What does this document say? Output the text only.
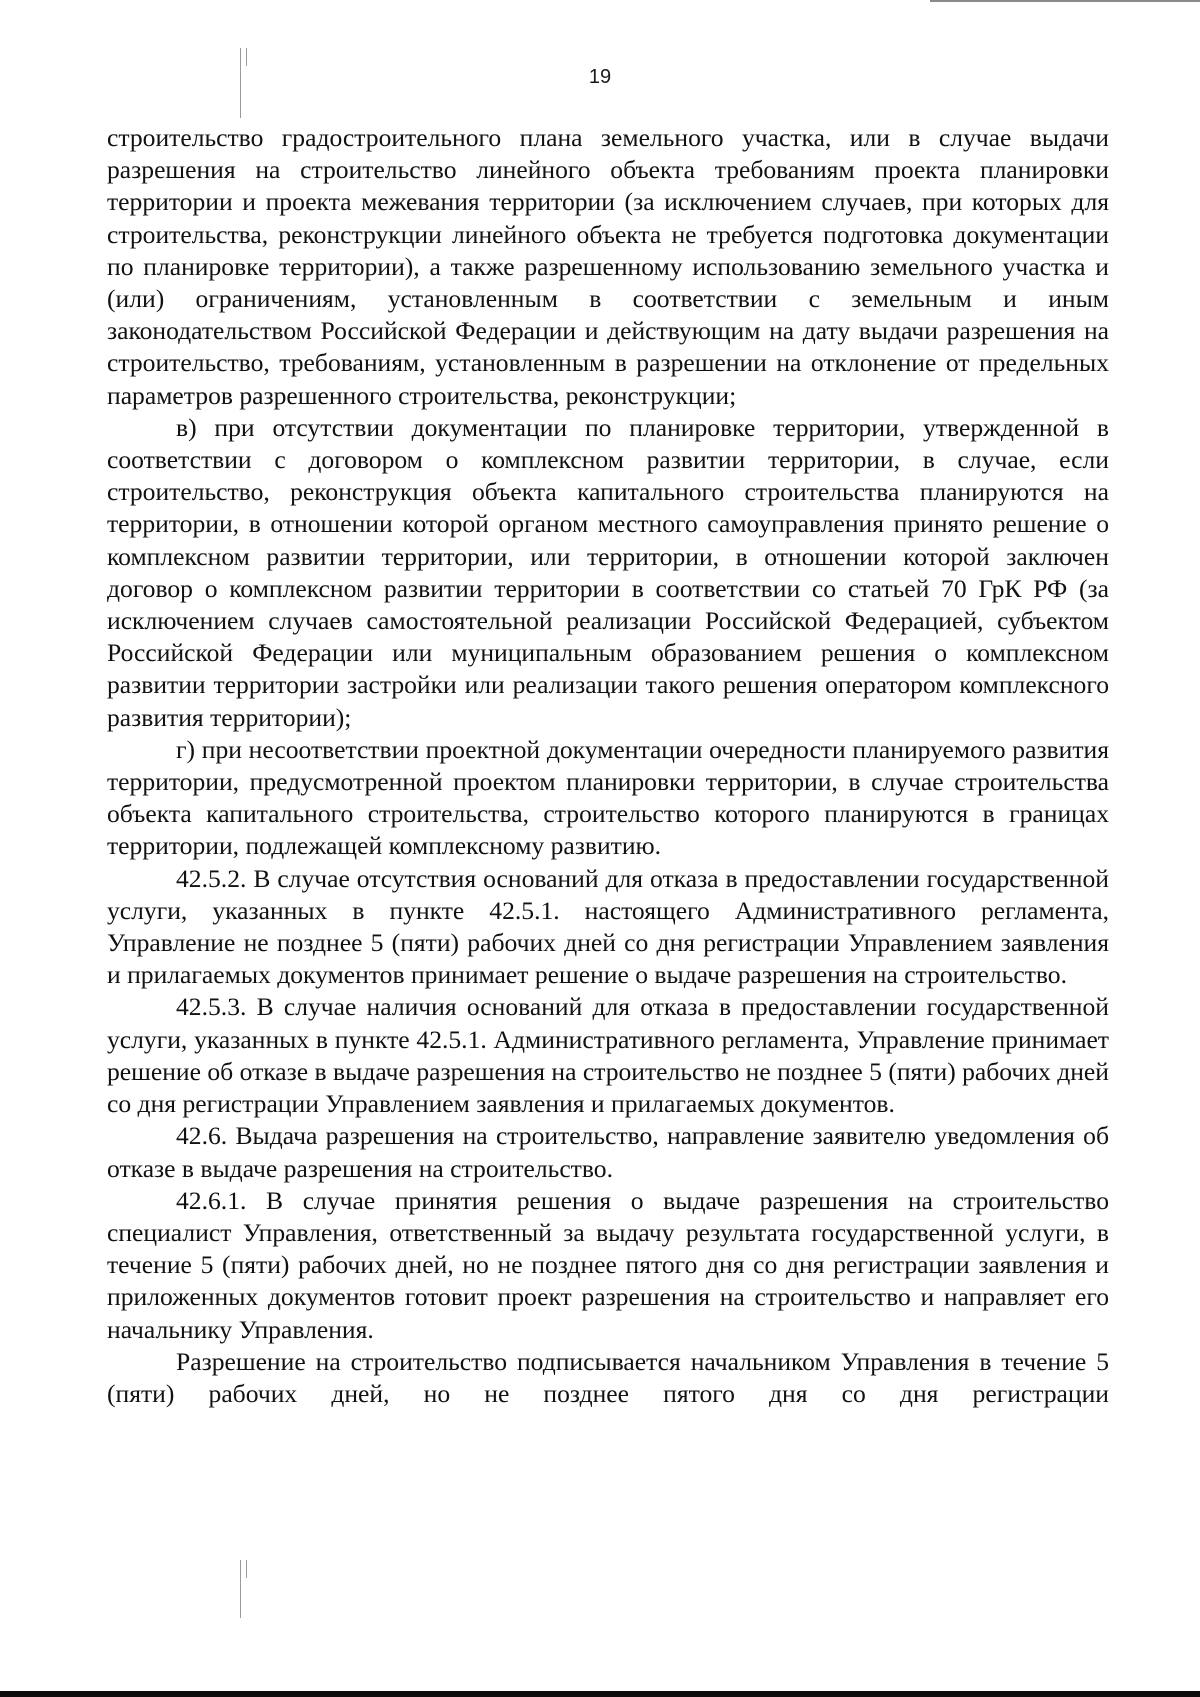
19

строительство градостроительного плана земельного участка, или в случае выдачи разрешения на строительство линейного объекта требованиям проекта планировки территории и проекта межевания территории (за исключением случаев, при которых для строительства, реконструкции линейного объекта не требуется подготовка документации по планировке территории), а также разрешенному использованию земельного участка и (или) ограничениям, установленным в соответствии с земельным и иным законодательством Российской Федерации и действующим на дату выдачи разрешения на строительство, требованиям, установленным в разрешении на отклонение от предельных параметров разрешенного строительства, реконструкции;

в) при отсутствии документации по планировке территории, утвержденной в соответствии с договором о комплексном развитии территории, в случае, если строительство, реконструкция объекта капитального строительства планируются на территории, в отношении которой органом местного самоуправления принято решение о комплексном развитии территории, или территории, в отношении которой заключен договор о комплексном развитии территории в соответствии со статьей 70 ГрК РФ (за исключением случаев самостоятельной реализации Российской Федерацией, субъектом Российской Федерации или муниципальным образованием решения о комплексном развитии территории застройки или реализации такого решения оператором комплексного развития территории);

г) при несоответствии проектной документации очередности планируемого развития территории, предусмотренной проектом планировки территории, в случае строительства объекта капитального строительства, строительство которого планируются в границах территории, подлежащей комплексному развитию.

42.5.2. В случае отсутствия оснований для отказа в предоставлении государственной услуги, указанных в пункте 42.5.1. настоящего Административного регламента, Управление не позднее 5 (пяти) рабочих дней со дня регистрации Управлением заявления и прилагаемых документов принимает решение о выдаче разрешения на строительство.

42.5.3. В случае наличия оснований для отказа в предоставлении государственной услуги, указанных в пункте 42.5.1. Административного регламента, Управление принимает решение об отказе в выдаче разрешения на строительство не позднее 5 (пяти) рабочих дней со дня регистрации Управлением заявления и прилагаемых документов.

42.6. Выдача разрешения на строительство, направление заявителю уведомления об отказе в выдаче разрешения на строительство.

42.6.1. В случае принятия решения о выдаче разрешения на строительство специалист Управления, ответственный за выдачу результата государственной услуги, в течение 5 (пяти) рабочих дней, но не позднее пятого дня со дня регистрации заявления и приложенных документов готовит проект разрешения на строительство и направляет его начальнику Управления.

Разрешение на строительство подписывается начальником Управления в течение 5 (пяти) рабочих дней, но не позднее пятого дня со дня регистрации
